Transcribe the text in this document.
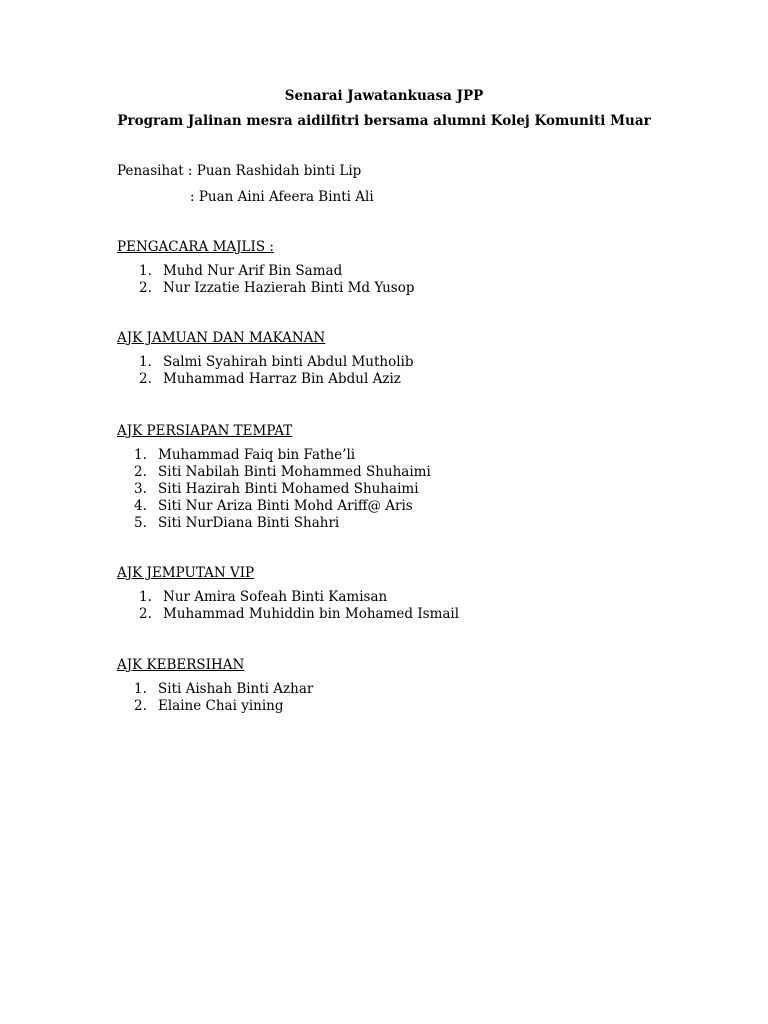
Senarai Jawatankuasa JPP
Program Jalinan mesra aidilfitri bersama alumni Kolej Komuniti Muar
Penasihat : Puan Rashidah binti Lip
: Puan Aini Afeera Binti Ali
PENGACARA MAJLIS :
1. Muhd Nur Arif Bin Samad
2. Nur Izzatie Hazierah Binti Md Yusop
AJK JAMUAN DAN MAKANAN
1. Salmi Syahirah binti Abdul Mutholib
2. Muhammad Harraz Bin Abdul Aziz
AJK PERSIAPAN TEMPAT
1. Muhammad Faiq bin Fathe’li
2. Siti Nabilah Binti Mohammed Shuhaimi
3. Siti Hazirah Binti Mohamed Shuhaimi
4. Siti Nur Ariza Binti Mohd Ariff@ Aris
5. Siti NurDiana Binti Shahri
AJK JEMPUTAN VIP
1. Nur Amira Sofeah Binti Kamisan
2. Muhammad Muhiddin bin Mohamed Ismail
AJK KEBERSIHAN
1. Siti Aishah Binti Azhar
2. Elaine Chai yining
